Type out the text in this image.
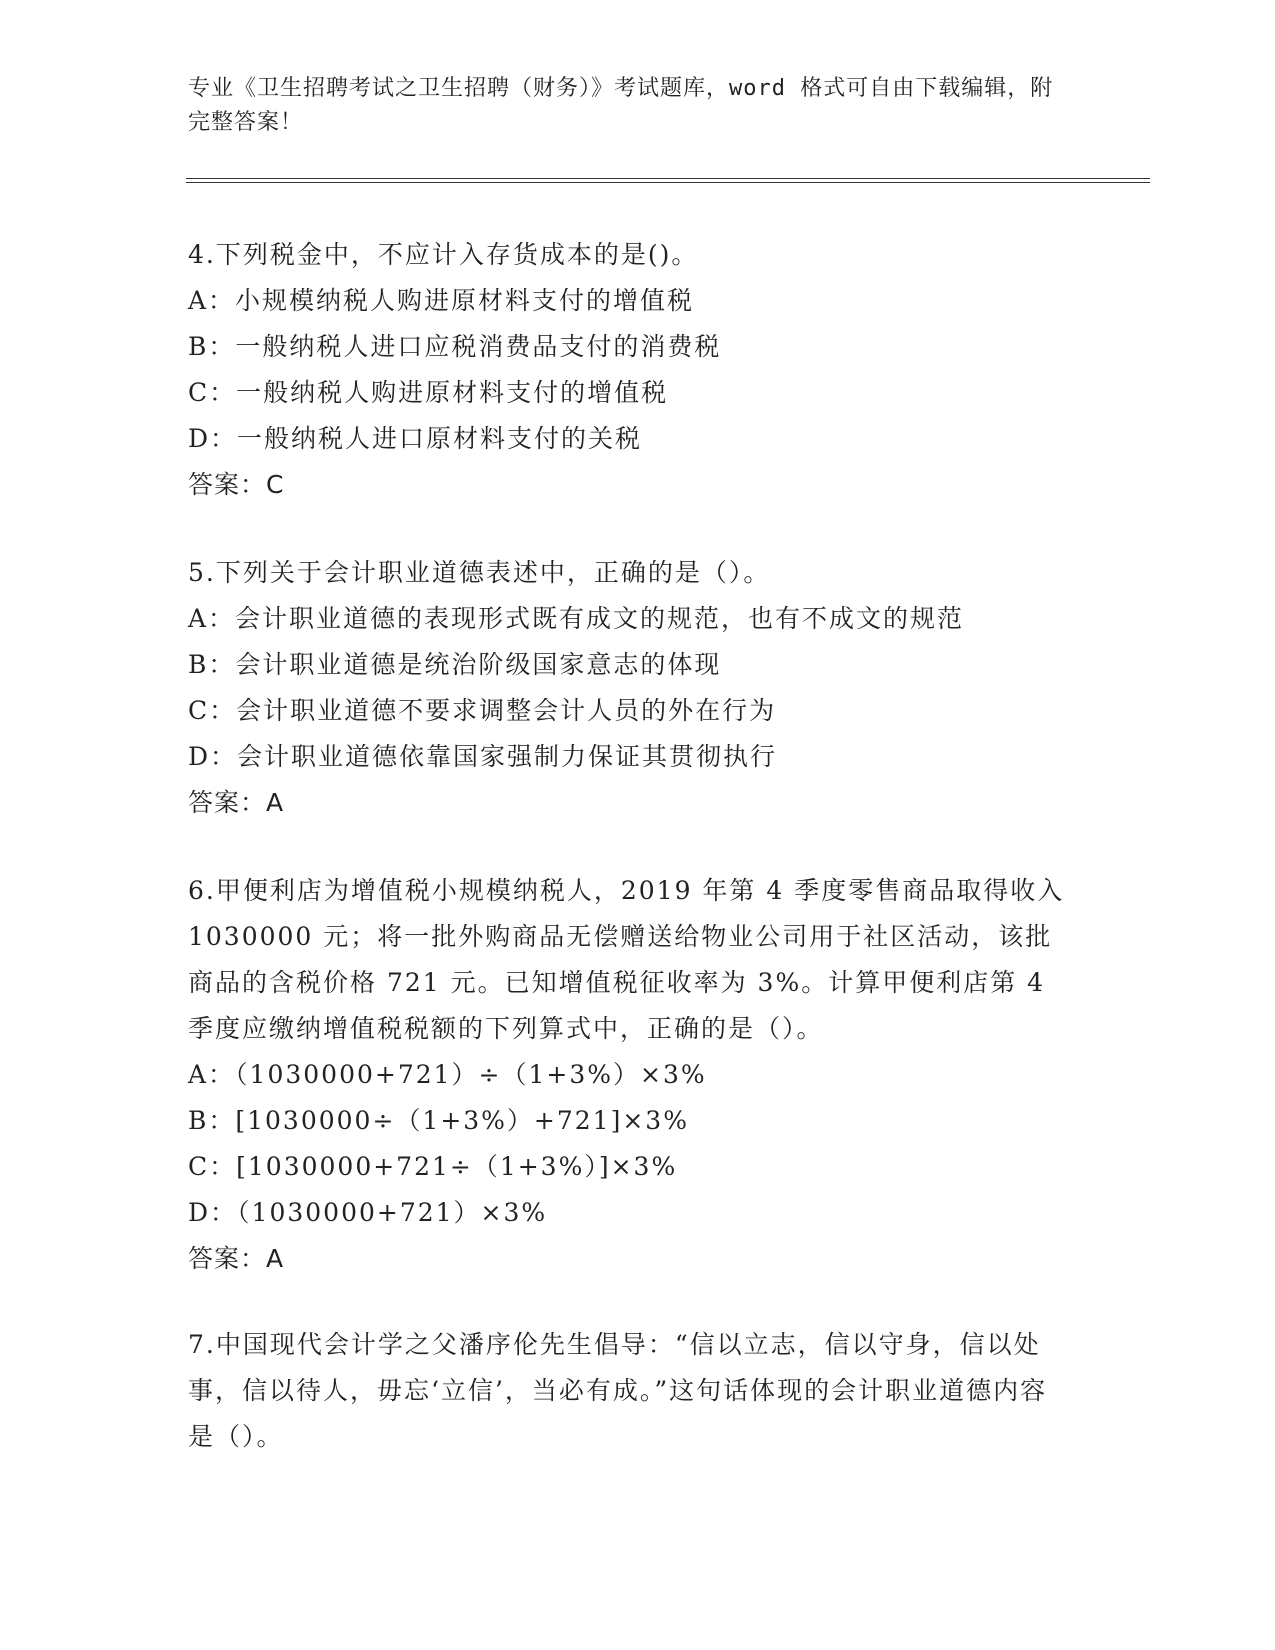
专业《卫生招聘考试之卫生招聘（财务）》考试题库，word 格式可自由下载编辑，附完整答案！

4.下列税金中，不应计入存货成本的是()。

A：小规模纳税人购进原材料支付的增值税

B：一般纳税人进口应税消费品支付的消费税

C：一般纳税人购进原材料支付的增值税

D：一般纳税人进口原材料支付的关税

答案：C

5.下列关于会计职业道德表述中，正确的是（）。

A：会计职业道德的表现形式既有成文的规范，也有不成文的规范

B：会计职业道德是统治阶级国家意志的体现

C：会计职业道德不要求调整会计人员的外在行为

D：会计职业道德依靠国家强制力保证其贯彻执行

答案：A

6.甲便利店为增值税小规模纳税人，2019 年第 4 季度零售商品取得收入 1030000 元；将一批外购商品无偿赠送给物业公司用于社区活动，该批商品的含税价格 721 元。已知增值税征收率为 3%。计算甲便利店第 4 季度应缴纳增值税税额的下列算式中，正确的是（）。

A：（1030000+721）÷（1+3%）×3%

B：[1030000÷（1+3%）+721]×3%

C：[1030000+721÷（1+3%）]×3%

D：（1030000+721）×3%

答案：A

7.中国现代会计学之父潘序伦先生倡导：“信以立志，信以守身，信以处事，信以待人，毋忘‘立信’，当必有成。”这句话体现的会计职业道德内容是（）。
